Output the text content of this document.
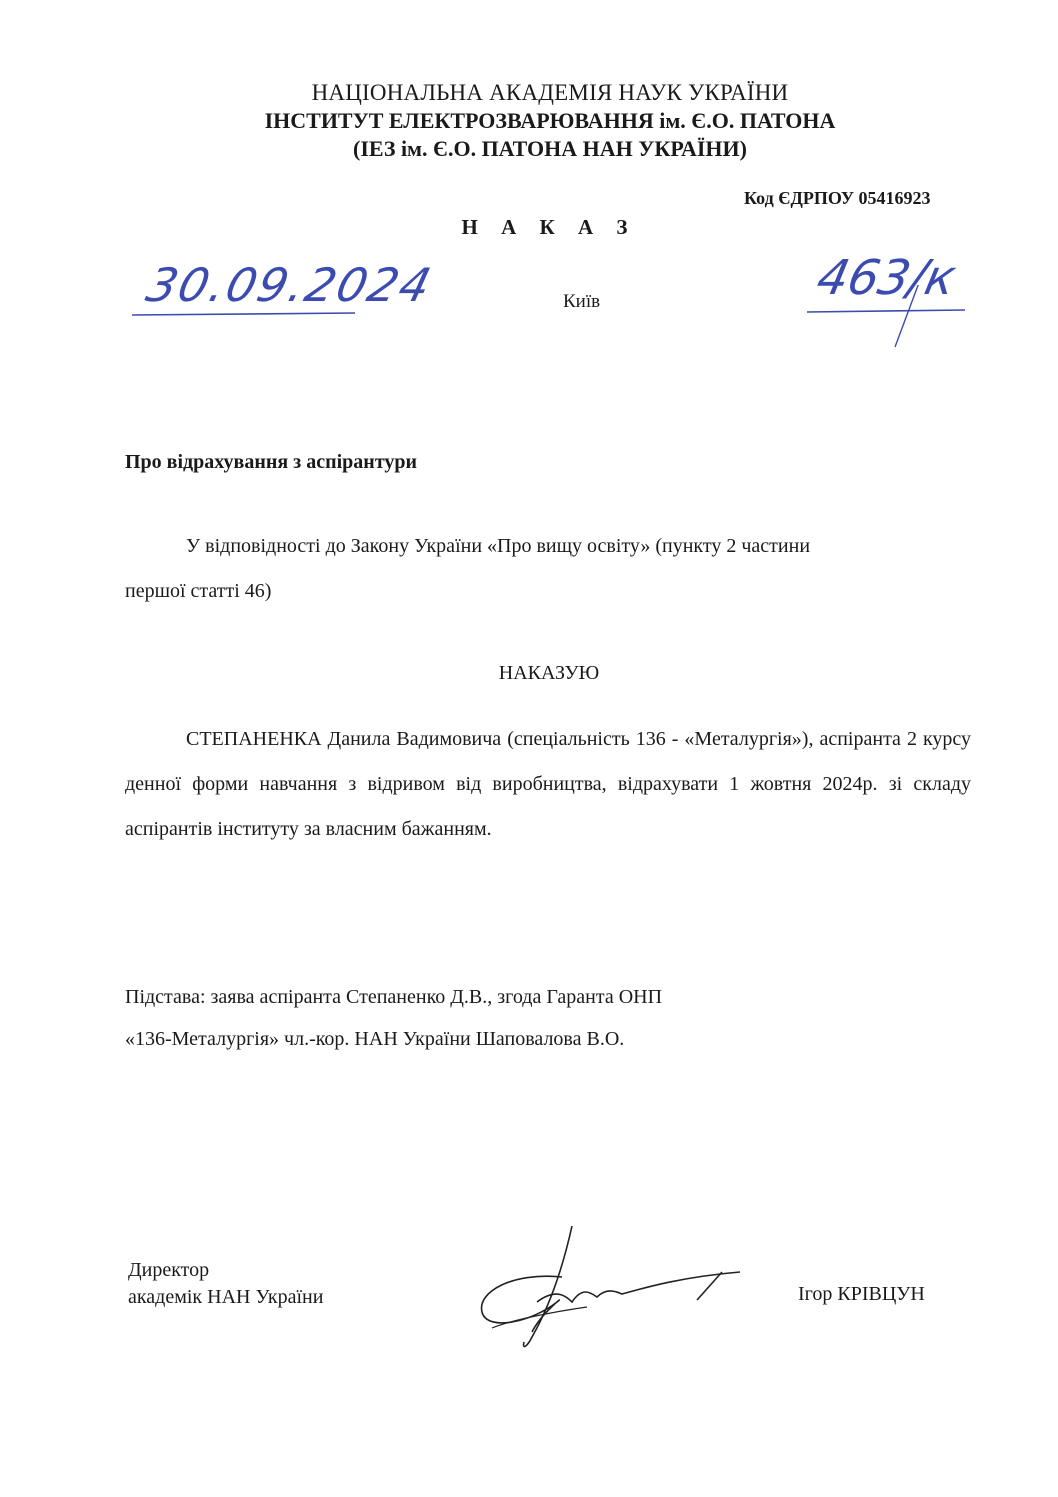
НАЦІОНАЛЬНА АКАДЕМІЯ НАУК УКРАЇНИ
ІНСТИТУТ ЕЛЕКТРОЗВАРЮВАННЯ ім. Є.О. ПАТОНА
(ІЕЗ ім. Є.О. ПАТОНА НАН УКРАЇНИ)
Код ЄДРПОУ 05416923
Н А К А З
30.09.2024	Київ	463/к
Про відрахування з аспірантури
У відповідності до Закону України «Про вищу освіту» (пункту 2 частини
першої статті 46)
НАКАЗУЮ
СТЕПАНЕНКА Данила Вадимовича (спеціальність 136 - «Металургія»), аспіранта 2 курсу денної форми навчання з відривом від виробництва, відрахувати 1 жовтня 2024р. зі складу аспірантів інституту за власним бажанням.
Підстава: заява аспіранта Степаненко Д.В., згода Гаранта ОНП
«136-Металургія» чл.-кор. НАН України Шаповалова В.О.
Директор
академік НАН України	Ігор КРІВЦУН
